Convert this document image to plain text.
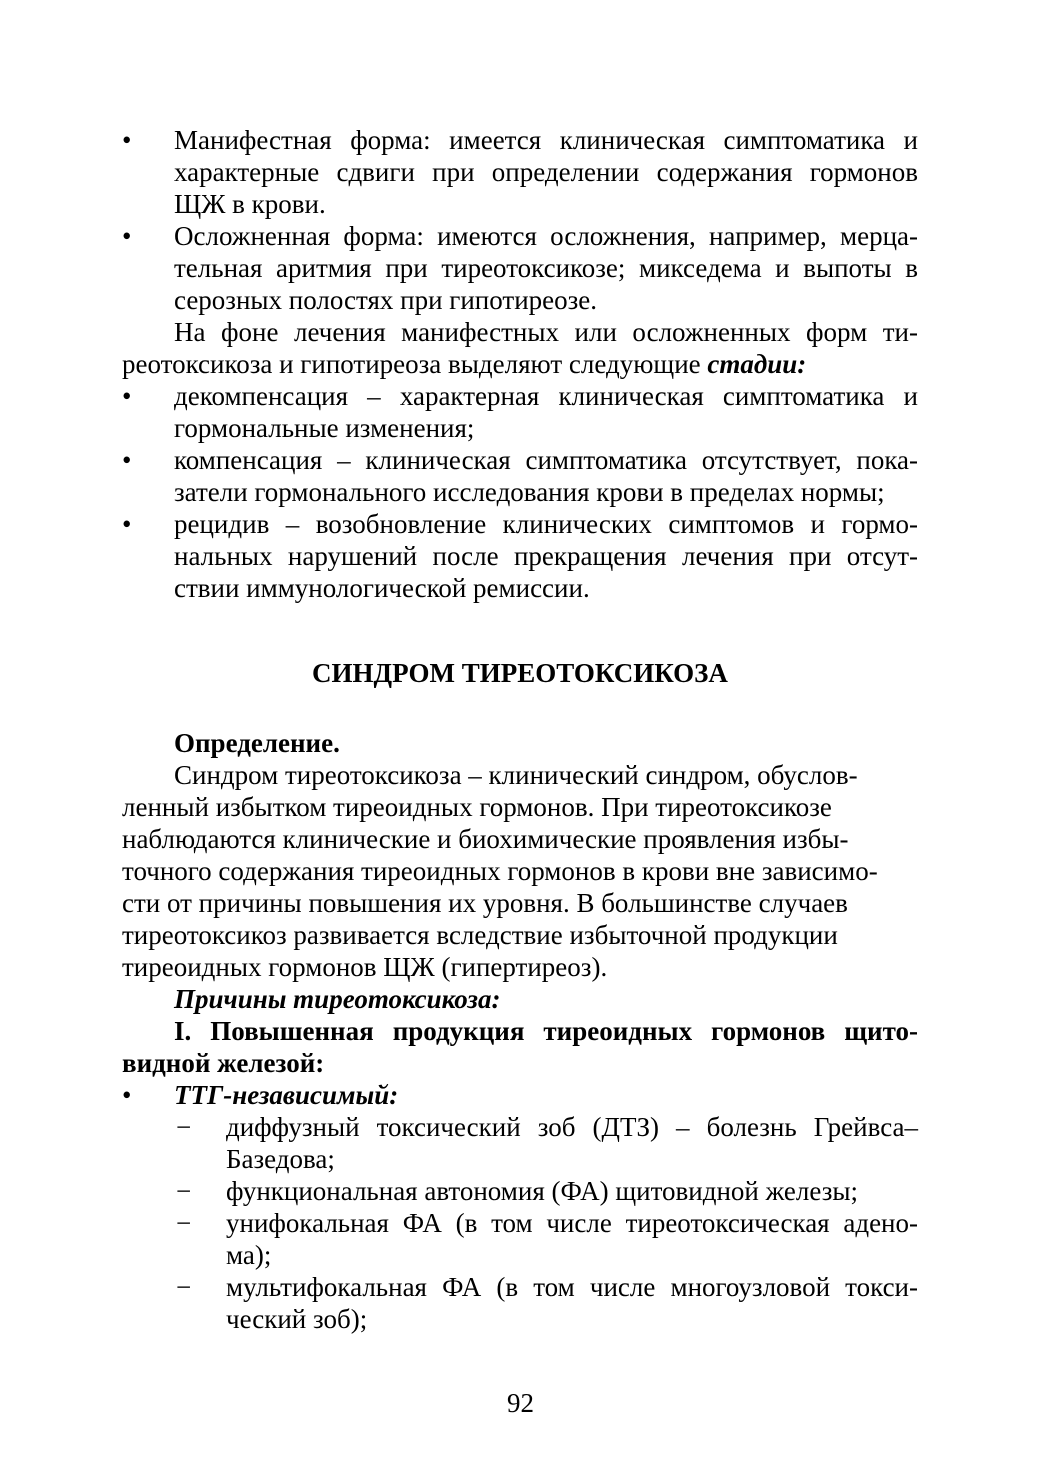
• Манифестная форма: имеется клиническая симптоматика и
характерные сдвиги при определении содержания гормонов
ЩЖ в крови.
• Осложненная форма: имеются осложнения, например, мерца-
тельная аритмия при тиреотоксикозе; микседема и выпоты в
серозных полостях при гипотиреозе.
На фоне лечения манифестных или осложненных форм ти-
реотоксикоза и гипотиреоза выделяют следующие стадии:
• декомпенсация – характерная клиническая симптоматика и
гормональные изменения;
• компенсация – клиническая симптоматика отсутствует, пока-
затели гормонального исследования крови в пределах нормы;
• рецидив – возобновление клинических симптомов и гормо-
нальных нарушений после прекращения лечения при отсут-
ствии иммунологической ремиссии.
СИНДРОМ ТИРЕОТОКСИКОЗА
Определение.
Синдром тиреотоксикоза – клинический синдром, обуслов-
ленный избытком тиреоидных гормонов. При тиреотоксикозе
наблюдаются клинические и биохимические проявления избы-
точного содержания тиреоидных гормонов в крови вне зависимо-
сти от причины повышения их уровня. В большинстве случаев
тиреотоксикоз развивается вследствие избыточной продукции
тиреоидных гормонов ЩЖ (гипертиреоз).
Причины тиреотоксикоза:
I. Повышенная продукция тиреоидных гормонов щито-
видной железой:
• ТТГ-независимый:
− диффузный токсический зоб (ДТЗ) – болезнь Грейвса–
Базедова;
− функциональная автономия (ФА) щитовидной железы;
− унифокальная ФА (в том числе тиреотоксическая адено-
ма);
− мультифокальная ФА (в том числе многоузловой токси-
ческий зоб);
92
